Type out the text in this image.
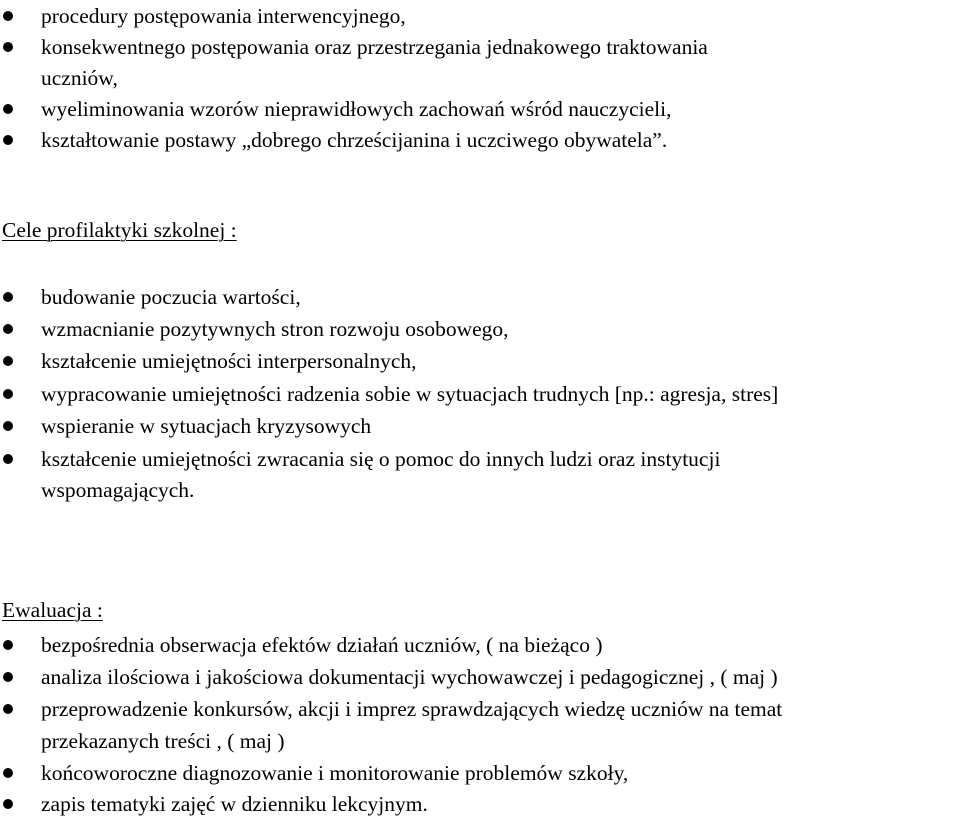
procedury postępowania interwencyjnego,
konsekwentnego postępowania oraz przestrzegania jednakowego traktowania
uczniów,
wyeliminowania wzorów nieprawidłowych zachowań wśród nauczycieli,
kształtowanie postawy „dobrego chrześcijanina i uczciwego obywatela”.
Cele profilaktyki szkolnej :
budowanie poczucia wartości,
wzmacnianie pozytywnych stron rozwoju osobowego,
kształcenie umiejętności interpersonalnych,
wypracowanie umiejętności radzenia sobie w sytuacjach trudnych [np.: agresja, stres]
wspieranie w sytuacjach kryzysowych
kształcenie umiejętności zwracania się o pomoc do innych ludzi oraz instytucji
wspomagających.
Ewaluacja :
bezpośrednia obserwacja efektów działań uczniów, ( na bieżąco )
analiza ilościowa i jakościowa dokumentacji wychowawczej i pedagogicznej , ( maj )
przeprowadzenie konkursów, akcji i imprez sprawdzających wiedzę uczniów na temat
przekazanych treści , ( maj )
końcoworoczne diagnozowanie i monitorowanie problemów szkoły,
zapis tematyki zajęć w dzienniku lekcyjnym.
